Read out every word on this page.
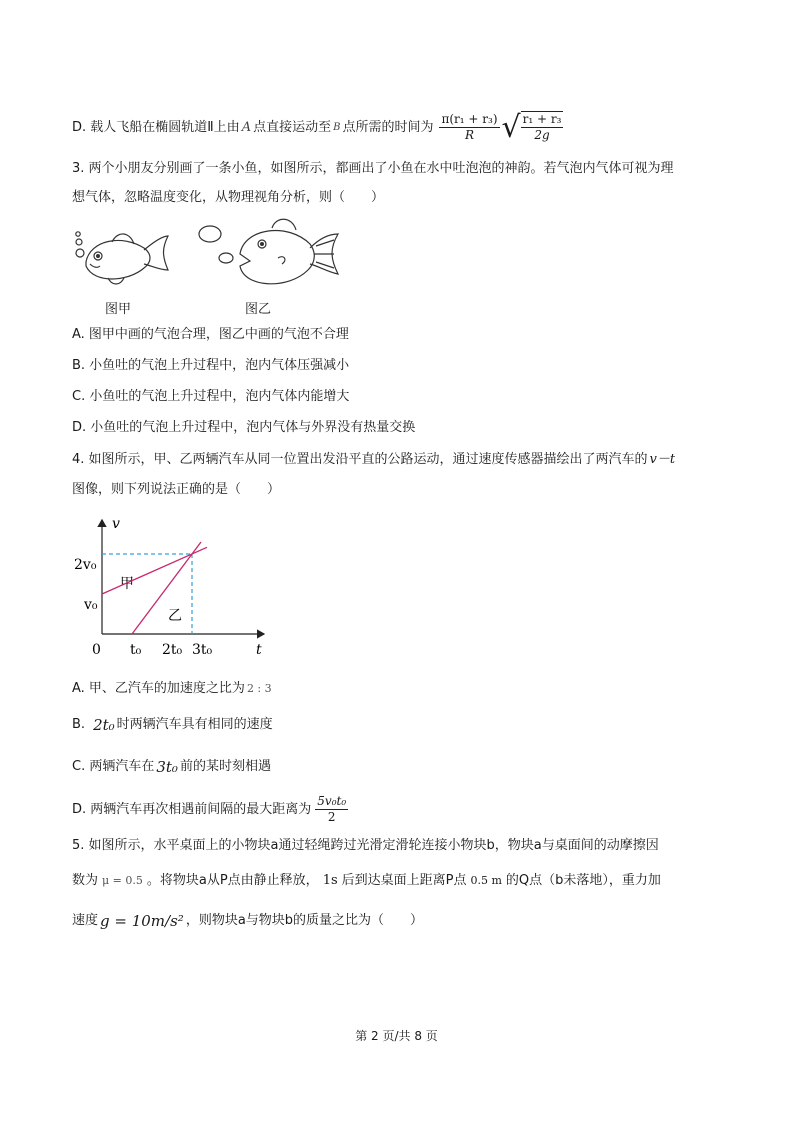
D. 载人飞船在椭圆轨道Ⅱ上由 A 点直接运动至 B 点所需的时间为 $\frac{\text{π(r₁ + r₃)}}{R}$ √ $\frac{\text{r₁ + r₃}}{2g}$
3. 两个小朋友分别画了一条小鱼，如图所示，都画出了小鱼在水中吐泡泡的神韵。若气泡内气体可视为理
想气体，忽略温度变化，从物理视角分析，则（　　）
图甲	图乙
A. 图甲中画的气泡合理，图乙中画的气泡不合理
B. 小鱼吐的气泡上升过程中，泡内气体压强减小
C. 小鱼吐的气泡上升过程中，泡内气体内能增大
D. 小鱼吐的气泡上升过程中，泡内气体与外界没有热量交换
4. 如图所示，甲、乙两辆汽车从同一位置出发沿平直的公路运动，通过速度传感器描绘出了两汽车的 v－t
图像，则下列说法正确的是（　　）
v
t
0
2v₀
v₀
t₀ 2t₀ 3t₀
甲
乙
A. 甲、乙汽车的加速度之比为 2 : 3
B. 2t₀ 时两辆汽车具有相同的速度
C. 两辆汽车在 3t₀ 前的某时刻相遇
D. 两辆汽车再次相遇前间隔的最大距离为 $\frac{\text{5v₀t₀}}{2}$
5. 如图所示，水平桌面上的小物块a通过轻绳跨过光滑定滑轮连接小物块b，物块a与桌面间的动摩擦因
数为 μ = 0.5 。将物块a从P点由静止释放， 1s 后到达桌面上距离P点 0.5 m 的Q点（b未落地），重力加
速度 g = 10m/s² ，则物块a与物块b的质量之比为（　　）
第 2 页/共 8 页
